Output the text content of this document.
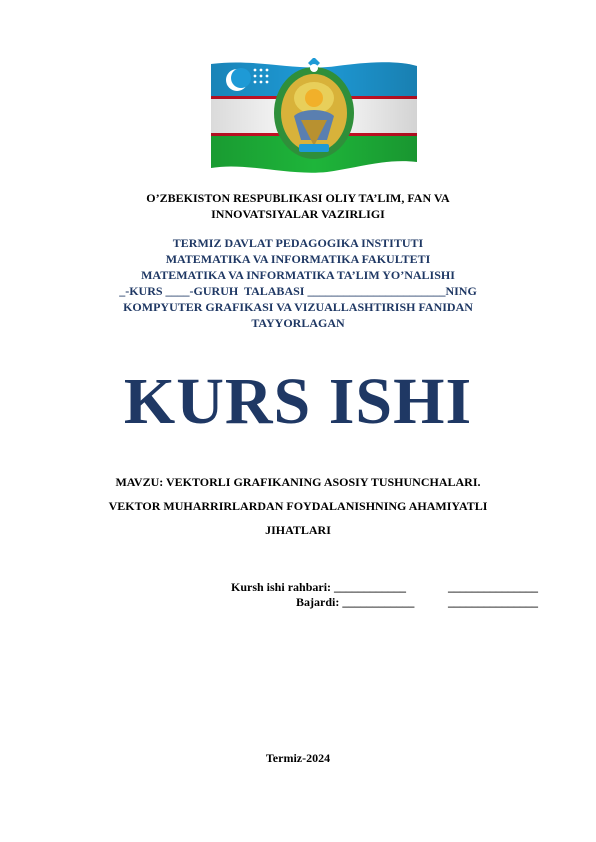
O’ZBEKISTON RESPUBLIKASI OLIY TA’LIM, FAN VA
INNOVATSIYALAR VAZIRLIGI
TERMIZ DAVLAT PEDAGOGIKA INSTITUTI
MATEMATIKA VA INFORMATIKA FAKULTETI
MATEMATIKA VA INFORMATIKA TA’LIM YO’NALISHI
_-KURS ____-GURUH  TALABASI _______________________NING
KOMPYUTER GRAFIKASI VA VIZUALLASHTIRISH FANIDAN
TAYYORLAGAN
KURS ISHI
MAVZU: VEKTORLI GRAFIKANING ASOSIY TUSHUNCHALARI.
VEKTOR MUHARRIRLARDAN FOYDALANISHNING AHAMIYATLI
JIHATLARI
Kursh ishi rahbari: ____________	_______________
Bajardi: ____________	_______________
Termiz-2024
